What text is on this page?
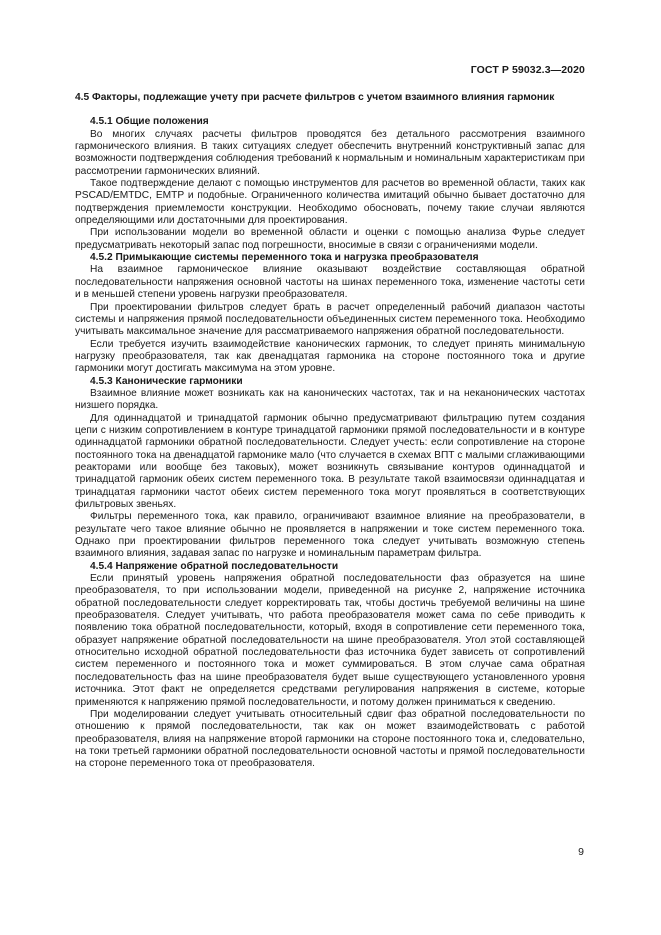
ГОСТ Р 59032.3—2020
4.5 Факторы, подлежащие учету при расчете фильтров с учетом взаимного влияния гармоник
4.5.1 Общие положения

Во многих случаях расчеты фильтров проводятся без детального рассмотрения взаимного гармонического влияния. В таких ситуациях следует обеспечить внутренний конструктивный запас для возможности подтверждения соблюдения требований к нормальным и номинальным характеристикам при рассмотрении гармонических влияний.

Такое подтверждение делают с помощью инструментов для расчетов во временной области, таких как PSCAD/EMTDC, EMTP и подобные. Ограниченного количества имитаций обычно бывает достаточно для подтверждения приемлемости конструкции. Необходимо обосновать, почему такие случаи являются определяющими или достаточными для проектирования.

При использовании модели во временной области и оценки с помощью анализа Фурье следует предусматривать некоторый запас под погрешности, вносимые в связи с ограничениями модели.

4.5.2 Примыкающие системы переменного тока и нагрузка преобразователя

На взаимное гармоническое влияние оказывают воздействие составляющая обратной последовательности напряжения основной частоты на шинах переменного тока, изменение частоты сети и в меньшей степени уровень нагрузки преобразователя.

При проектировании фильтров следует брать в расчет определенный рабочий диапазон частоты системы и напряжения прямой последовательности объединенных систем переменного тока. Необходимо учитывать максимальное значение для рассматриваемого напряжения обратной последовательности.

Если требуется изучить взаимодействие канонических гармоник, то следует принять минимальную нагрузку преобразователя, так как двенадцатая гармоника на стороне постоянного тока и другие гармоники могут достигать максимума на этом уровне.

4.5.3 Канонические гармоники

Взаимное влияние может возникать как на канонических частотах, так и на неканонических частотах низшего порядка.

Для одиннадцатой и тринадцатой гармоник обычно предусматривают фильтрацию путем создания цепи с низким сопротивлением в контуре тринадцатой гармоники прямой последовательности и в контуре одиннадцатой гармоники обратной последовательности. Следует учесть: если сопротивление на стороне постоянного тока на двенадцатой гармонике мало (что случается в схемах ВПТ с малыми сглаживающими реакторами или вообще без таковых), может возникнуть связывание контуров одиннадцатой и тринадцатой гармоник обеих систем переменного тока. В результате такой взаимосвязи одиннадцатая и тринадцатая гармоники частот обеих систем переменного тока могут проявляться в соответствующих фильтровых звеньях.

Фильтры переменного тока, как правило, ограничивают взаимное влияние на преобразователи, в результате чего такое влияние обычно не проявляется в напряжении и токе систем переменного тока. Однако при проектировании фильтров переменного тока следует учитывать возможную степень взаимного влияния, задавая запас по нагрузке и номинальным параметрам фильтра.

4.5.4 Напряжение обратной последовательности

Если принятый уровень напряжения обратной последовательности фаз образуется на шине преобразователя, то при использовании модели, приведенной на рисунке 2, напряжение источника обратной последовательности следует корректировать так, чтобы достичь требуемой величины на шине преобразователя. Следует учитывать, что работа преобразователя может сама по себе приводить к появлению тока обратной последовательности, который, входя в сопротивление сети переменного тока, образует напряжение обратной последовательности на шине преобразователя. Угол этой составляющей относительно исходной обратной последовательности фаз источника будет зависеть от сопротивлений систем переменного и постоянного тока и может суммироваться. В этом случае сама обратная последовательность фаз на шине преобразователя будет выше существующего установленного уровня источника. Этот факт не определяется средствами регулирования напряжения в системе, которые применяются к напряжению прямой последовательности, и потому должен приниматься к сведению.

При моделировании следует учитывать относительный сдвиг фаз обратной последовательности по отношению к прямой последовательности, так как он может взаимодействовать с работой преобразователя, влияя на напряжение второй гармоники на стороне постоянного тока и, следовательно, на токи третьей гармоники обратной последовательности основной частоты и прямой последовательности на стороне переменного тока от преобразователя.

9
